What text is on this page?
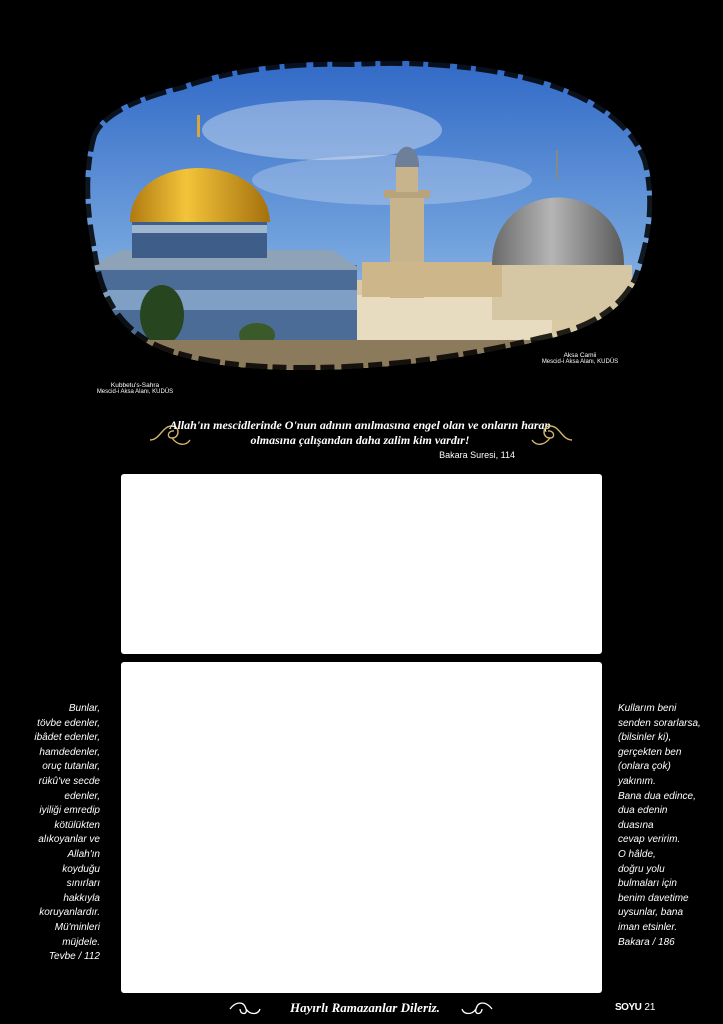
Kubbetu's-Sahra
Mescid-i Aksa Alanı, KUDÜS
Aksa Camii
Mescid-i Aksa Alanı, KUDÜS
Allah'ın mescidlerinde O'nun adının anılmasına engel olan ve onların harap olmasına çalışandan daha zalim kim vardır!
Bakara Suresi, 114
Bunlar,
tövbe edenler,
ibâdet edenler,
hamdedenler,
oruç tutanlar,
rükû've secde
edenler,
iyiliği emredip
kötülükten
alıkoyanlar ve
Allah'ın koyduğu
sınırları hakkıyla
koruyanlardır.
Mü'minleri
müjdele.
Tevbe / 112
Kullarım beni
senden sorarlarsa,
(bilsinler ki),
gerçekten ben
(onlara çok)
yakınım.
Bana dua edince,
dua edenin
duasına
cevap veririm.
O hâlde,
doğru yolu
bulmaları için
benim davetime
uysunlar, bana
iman etsinler.
Bakara / 186
Hayırlı Ramazanlar Dileriz.	SOYU 21
